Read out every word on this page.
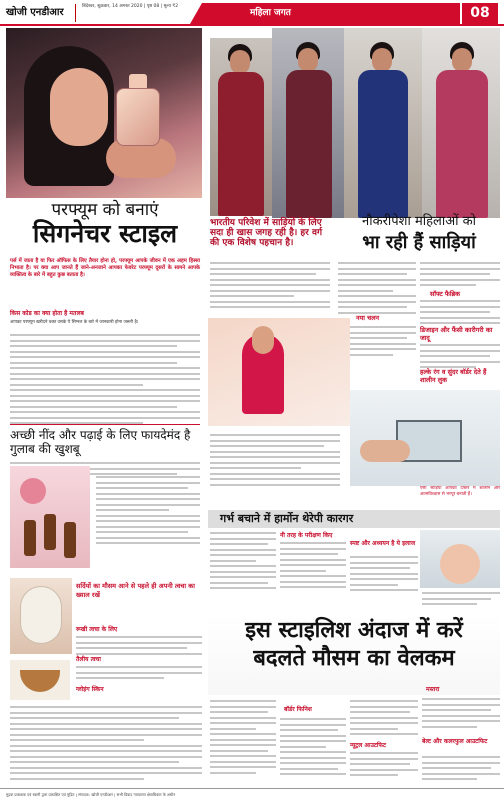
खोजी एनडीआर
बिंदेश्वर, शुक्रवार, 14 अगस्त 2020 | पृष्ठ 08 | मूल्य ₹2
महिला जगत	08
परफ्यूम को बनाएं
सिगनेचर स्टाइल
पर्स में जाता है या फिर ऑफिस के लिए तैयार होना हो, परफ्यूम आपके जीवन में एक अहम हिस्सा निभाता है। पर क्या आप जानते हैं जाने-अनजाने आपका फेवरेट परफ्यूम दूसरों के सामने आपके व्यक्तित्व के बारे में बहुत कुछ बताता है।
किस कोड का क्या होता है मतलब
आपका परफ्यूम खरीदने वक्त उसके ये सिग्नल के बारे में जानकारी होना जरूरी है।
भारतीय परिवेश में साड़ियों के लिए सदा ही खास जगह रही है। हर वर्ग की एक विशेष पहचान है।
नौकरीपेशा महिलाओं को
भा रही हैं साड़ियां
नया चलन
सॉफ्ट फैब्रिक
डिजाइन और फैंसी कारीगरी का जादू
हल्के रंग व सुंदर बॉर्डर देते हैं शालीन लुक
ऐसी साड़ियां आपको दफ्तर में शालीन और आत्मविश्वास से भरपूर बनाती हैं।
अच्छी नींद और पढ़ाई के लिए फायदेमंद है गुलाब की खुशबू
गर्भ बचाने में हार्मोन थेरेपी कारगर
नी तरह के परीक्षण किए
स्पष्ट और अध्ययन है ये इलाज
सर्दियों का मौसम आने से पहले ही अपनी त्वचा का ख्याल रखें
रूखी त्वचा के लिए
तैलीय त्वचा
ग्लोइंग स्किन
इस स्टाइलिश अंदाज में करें
बदलते मौसम का वेलकम
बॉर्डर फिनिश
न्यूट्रल आउटफिट
मस्तरा
बेल्ट और कलरफुल आउटफिट
मुद्रक प्रकाशक एवं स्वामी द्वारा प्रकाशित एवं मुद्रित | संपादक: खोजी एनडीआर | सभी विवाद न्यायालय क्षेत्राधिकार के अधीन
